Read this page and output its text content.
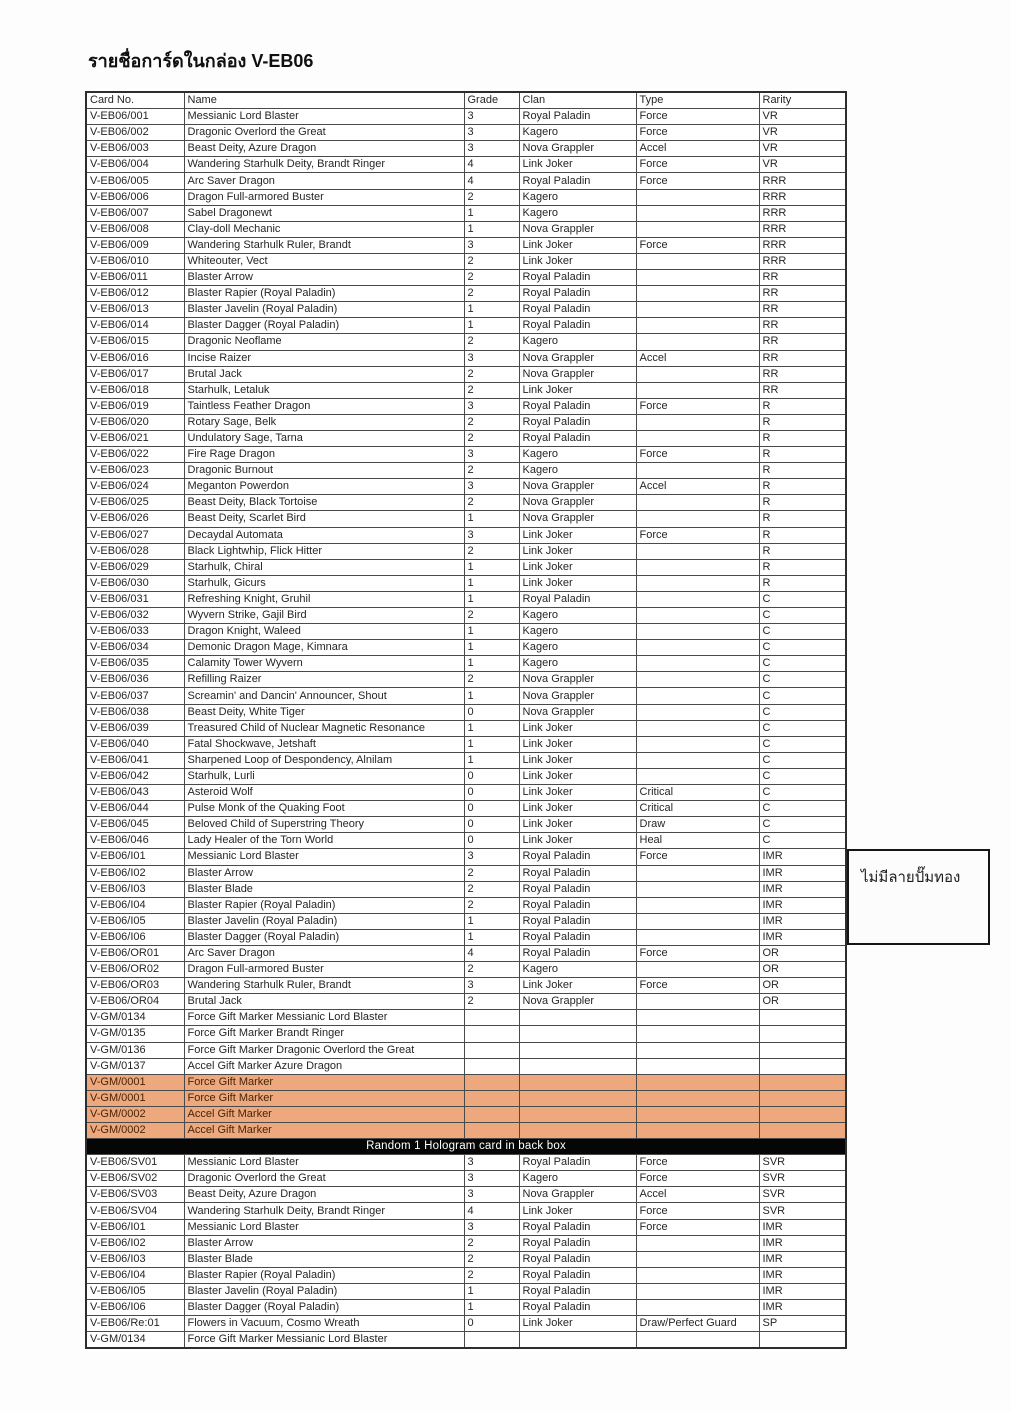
รายชื่อการ์ดในกล่อง V-EB06
Card No.	Name	Grade	Clan	Type	Rarity
V-EB06/001	Messianic Lord Blaster	3	Royal Paladin	Force	VR
V-EB06/002	Dragonic Overlord the Great	3	Kagero	Force	VR
V-EB06/003	Beast Deity, Azure Dragon	3	Nova Grappler	Accel	VR
V-EB06/004	Wandering Starhulk Deity, Brandt Ringer	4	Link Joker	Force	VR
V-EB06/005	Arc Saver Dragon	4	Royal Paladin	Force	RRR
V-EB06/006	Dragon Full-armored Buster	2	Kagero		RRR
V-EB06/007	Sabel Dragonewt	1	Kagero		RRR
V-EB06/008	Clay-doll Mechanic	1	Nova Grappler		RRR
V-EB06/009	Wandering Starhulk Ruler, Brandt	3	Link Joker	Force	RRR
V-EB06/010	Whiteouter, Vect	2	Link Joker		RRR
V-EB06/011	Blaster Arrow	2	Royal Paladin		RR
V-EB06/012	Blaster Rapier (Royal Paladin)	2	Royal Paladin		RR
V-EB06/013	Blaster Javelin (Royal Paladin)	1	Royal Paladin		RR
V-EB06/014	Blaster Dagger (Royal Paladin)	1	Royal Paladin		RR
V-EB06/015	Dragonic Neoflame	2	Kagero		RR
V-EB06/016	Incise Raizer	3	Nova Grappler	Accel	RR
V-EB06/017	Brutal Jack	2	Nova Grappler		RR
V-EB06/018	Starhulk, Letaluk	2	Link Joker		RR
V-EB06/019	Taintless Feather Dragon	3	Royal Paladin	Force	R
V-EB06/020	Rotary Sage, Belk	2	Royal Paladin		R
V-EB06/021	Undulatory Sage, Tarna	2	Royal Paladin		R
V-EB06/022	Fire Rage Dragon	3	Kagero	Force	R
V-EB06/023	Dragonic Burnout	2	Kagero		R
V-EB06/024	Meganton Powerdon	3	Nova Grappler	Accel	R
V-EB06/025	Beast Deity, Black Tortoise	2	Nova Grappler		R
V-EB06/026	Beast Deity, Scarlet Bird	1	Nova Grappler		R
V-EB06/027	Decaydal Automata	3	Link Joker	Force	R
V-EB06/028	Black Lightwhip, Flick Hitter	2	Link Joker		R
V-EB06/029	Starhulk, Chiral	1	Link Joker		R
V-EB06/030	Starhulk, Gicurs	1	Link Joker		R
V-EB06/031	Refreshing Knight, Gruhil	1	Royal Paladin		C
V-EB06/032	Wyvern Strike, Gajil Bird	2	Kagero		C
V-EB06/033	Dragon Knight, Waleed	1	Kagero		C
V-EB06/034	Demonic Dragon Mage, Kimnara	1	Kagero		C
V-EB06/035	Calamity Tower Wyvern	1	Kagero		C
V-EB06/036	Refilling Raizer	2	Nova Grappler		C
V-EB06/037	Screamin' and Dancin' Announcer, Shout	1	Nova Grappler		C
V-EB06/038	Beast Deity, White Tiger	0	Nova Grappler		C
V-EB06/039	Treasured Child of Nuclear Magnetic Resonance	1	Link Joker		C
V-EB06/040	Fatal Shockwave, Jetshaft	1	Link Joker		C
V-EB06/041	Sharpened Loop of Despondency, Alnilam	1	Link Joker		C
V-EB06/042	Starhulk, Lurli	0	Link Joker		C
V-EB06/043	Asteroid Wolf	0	Link Joker	Critical	C
V-EB06/044	Pulse Monk of the Quaking Foot	0	Link Joker	Critical	C
V-EB06/045	Beloved Child of Superstring Theory	0	Link Joker	Draw	C
V-EB06/046	Lady Healer of the Torn World	0	Link Joker	Heal	C
V-EB06/I01	Messianic Lord Blaster	3	Royal Paladin	Force	IMR
V-EB06/I02	Blaster Arrow	2	Royal Paladin		IMR
V-EB06/I03	Blaster Blade	2	Royal Paladin		IMR
V-EB06/I04	Blaster Rapier (Royal Paladin)	2	Royal Paladin		IMR
V-EB06/I05	Blaster Javelin (Royal Paladin)	1	Royal Paladin		IMR
V-EB06/I06	Blaster Dagger (Royal Paladin)	1	Royal Paladin		IMR
V-EB06/OR01	Arc Saver Dragon	4	Royal Paladin	Force	OR
V-EB06/OR02	Dragon Full-armored Buster	2	Kagero		OR
V-EB06/OR03	Wandering Starhulk Ruler, Brandt	3	Link Joker	Force	OR
V-EB06/OR04	Brutal Jack	2	Nova Grappler		OR
V-GM/0134	Force Gift Marker Messianic Lord Blaster				
V-GM/0135	Force Gift Marker Brandt Ringer				
V-GM/0136	Force Gift Marker Dragonic Overlord the Great				
V-GM/0137	Accel Gift Marker Azure Dragon				
V-GM/0001	Force Gift Marker				
V-GM/0001	Force Gift Marker				
V-GM/0002	Accel Gift Marker				
V-GM/0002	Accel Gift Marker				
Random 1 Hologram card in back box					
V-EB06/SV01	Messianic Lord Blaster	3	Royal Paladin	Force	SVR
V-EB06/SV02	Dragonic Overlord the Great	3	Kagero	Force	SVR
V-EB06/SV03	Beast Deity, Azure Dragon	3	Nova Grappler	Accel	SVR
V-EB06/SV04	Wandering Starhulk Deity, Brandt Ringer	4	Link Joker	Force	SVR
V-EB06/I01	Messianic Lord Blaster	3	Royal Paladin	Force	IMR
V-EB06/I02	Blaster Arrow	2	Royal Paladin		IMR
V-EB06/I03	Blaster Blade	2	Royal Paladin		IMR
V-EB06/I04	Blaster Rapier (Royal Paladin)	2	Royal Paladin		IMR
V-EB06/I05	Blaster Javelin (Royal Paladin)	1	Royal Paladin		IMR
V-EB06/I06	Blaster Dagger (Royal Paladin)	1	Royal Paladin		IMR
V-EB06/Re:01	Flowers in Vacuum, Cosmo Wreath	0	Link Joker	Draw/Perfect Guard	SP
V-GM/0134	Force Gift Marker Messianic Lord Blaster				
ไม่มีลายปั๊มทอง
